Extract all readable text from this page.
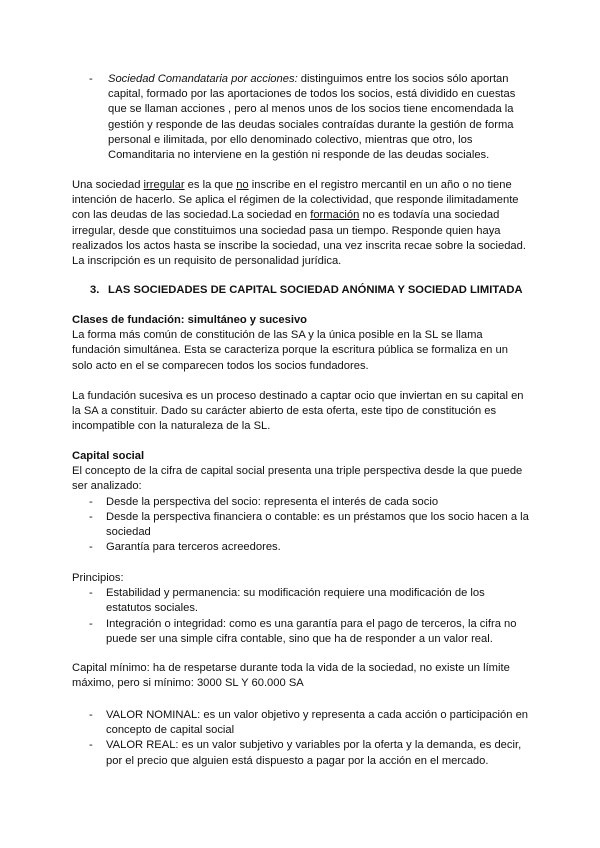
- Sociedad Comandataria por acciones: distinguimos entre los socios sólo aportan capital, formado por las aportaciones de todos los socios, está dividido en cuestas que se llaman acciones , pero al menos unos de los socios tiene encomendada la gestión y responde de las deudas sociales contraídas durante la gestión de forma personal e ilimitada, por ello denominado colectivo, mientras que otro, los Comanditaria no interviene en la gestión ni responde de las deudas sociales.

Una sociedad irregular es la que no inscribe en el registro mercantil en un año o no tiene intención de hacerlo. Se aplica el régimen de la colectividad, que responde ilimitadamente con las deudas de las sociedad.La sociedad en formación no es todavía una sociedad irregular, desde que constituimos una sociedad pasa un tiempo. Responde quien haya realizados los actos hasta se inscribe la sociedad, una vez inscrita recae sobre la sociedad. La inscripción es un requisito de personalidad jurídica.

3. LAS SOCIEDADES DE CAPITAL SOCIEDAD ANÓNIMA Y SOCIEDAD LIMITADA

Clases de fundación: simultáneo y sucesivo

La forma más común de constitución de las SA y la única posible en la SL se llama fundación simultánea. Esta se caracteriza porque la escritura pública se formaliza en un solo acto en el se comparecen todos los socios fundadores.

La fundación sucesiva es un proceso destinado a captar ocio que inviertan en su capital en la SA a constituir. Dado su carácter abierto de esta oferta, este tipo de constitución es incompatible con la naturaleza de la SL.

Capital social

El concepto de la cifra de capital social presenta una triple perspectiva desde la que puede ser analizado:

- Desde la perspectiva del socio: representa el interés de cada socio
- Desde la perspectiva financiera o contable: es un préstamos que los socio hacen a la sociedad
- Garantía para terceros acreedores.

Principios:

- Estabilidad y permanencia: su modificación requiere una modificación de los estatutos sociales.
- Integración o integridad: como es una garantía para el pago de terceros, la cifra no puede ser una simple cifra contable, sino que ha de responder a un valor real.

Capital mínimo: ha de respetarse durante toda la vida de la sociedad, no existe un límite máximo, pero si mínimo: 3000 SL Y 60.000 SA

- VALOR NOMINAL: es un valor objetivo y representa a cada acción o participación en concepto de capital social
- VALOR REAL: es un valor subjetivo y variables por la oferta y la demanda, es decir, por el precio que alguien está dispuesto a pagar por la acción en el mercado.
